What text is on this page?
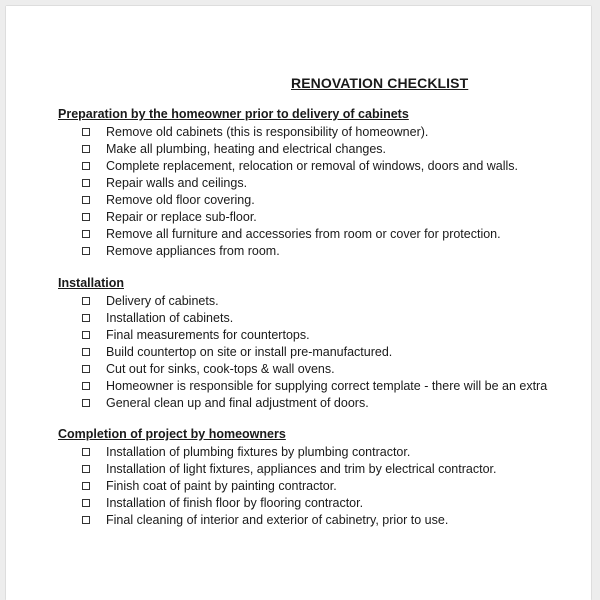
RENOVATION CHECKLIST
Preparation by the homeowner prior to delivery of cabinets
Remove old cabinets (this is responsibility of homeowner).
Make all plumbing, heating and electrical changes.
Complete replacement, relocation or removal of windows, doors and walls.
Repair walls and ceilings.
Remove old floor covering.
Repair or replace sub-floor.
Remove all furniture and accessories from room or cover for protection.
Remove appliances from room.
Installation
Delivery of cabinets.
Installation of cabinets.
Final measurements for countertops.
Build countertop on site or install pre-manufactured.
Cut out for sinks, cook-tops & wall ovens.
Homeowner is responsible for supplying correct template - there will be an extra
General clean up and final adjustment of doors.
Completion of project by homeowners
Installation of plumbing fixtures by plumbing contractor.
Installation of light fixtures, appliances and trim by electrical contractor.
Finish coat of paint by painting contractor.
Installation of finish floor by flooring contractor.
Final cleaning of interior and exterior of cabinetry, prior to use.
